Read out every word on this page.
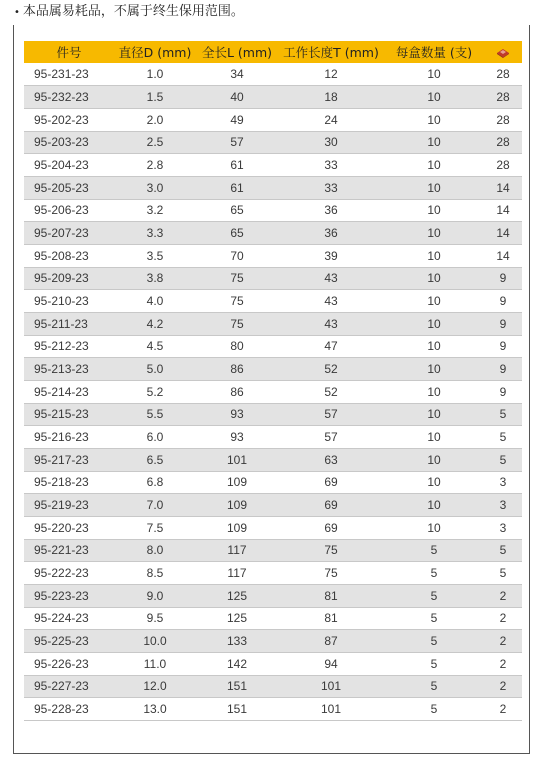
• 本品属易耗品，不属于终生保用范围。
件号	直径D (mm)	全长L (mm)	工作长度T (mm)	每盒数量 (支)	
95-231-23	1.0	34	12	10	28
95-232-23	1.5	40	18	10	28
95-202-23	2.0	49	24	10	28
95-203-23	2.5	57	30	10	28
95-204-23	2.8	61	33	10	28
95-205-23	3.0	61	33	10	14
95-206-23	3.2	65	36	10	14
95-207-23	3.3	65	36	10	14
95-208-23	3.5	70	39	10	14
95-209-23	3.8	75	43	10	9
95-210-23	4.0	75	43	10	9
95-211-23	4.2	75	43	10	9
95-212-23	4.5	80	47	10	9
95-213-23	5.0	86	52	10	9
95-214-23	5.2	86	52	10	9
95-215-23	5.5	93	57	10	5
95-216-23	6.0	93	57	10	5
95-217-23	6.5	101	63	10	5
95-218-23	6.8	109	69	10	3
95-219-23	7.0	109	69	10	3
95-220-23	7.5	109	69	10	3
95-221-23	8.0	117	75	5	5
95-222-23	8.5	117	75	5	5
95-223-23	9.0	125	81	5	2
95-224-23	9.5	125	81	5	2
95-225-23	10.0	133	87	5	2
95-226-23	11.0	142	94	5	2
95-227-23	12.0	151	101	5	2
95-228-23	13.0	151	101	5	2
